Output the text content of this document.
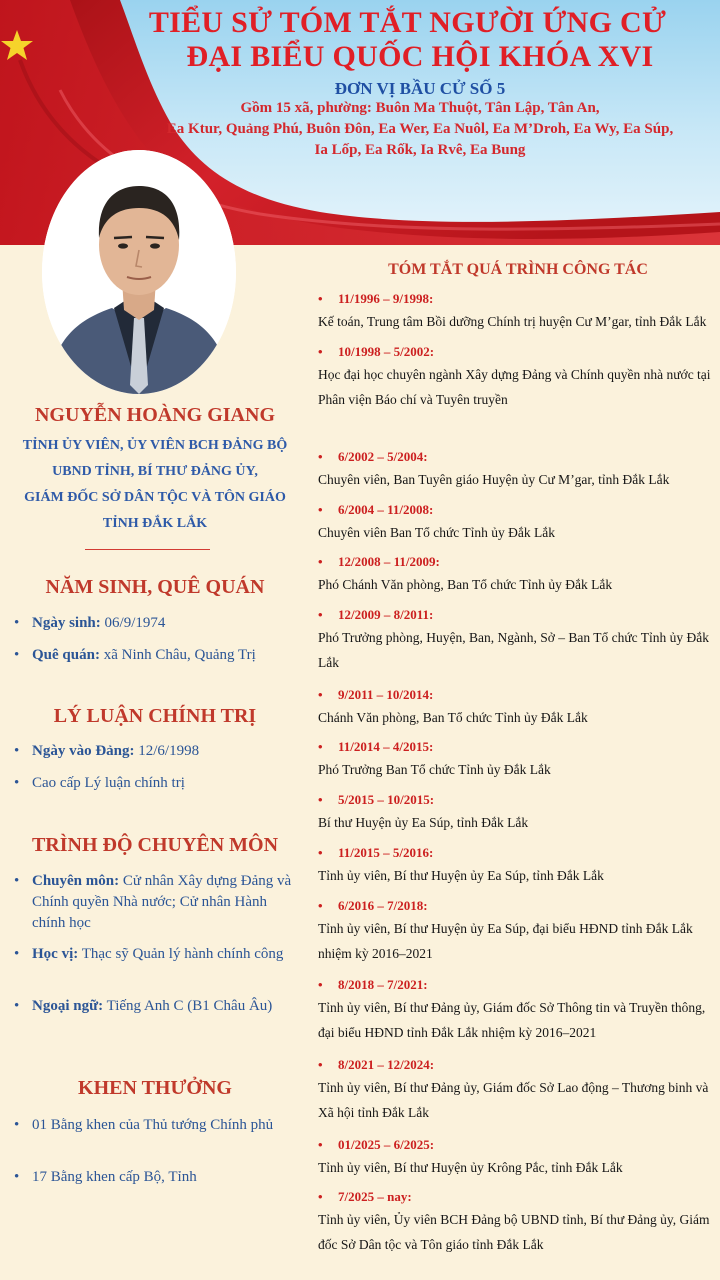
TIỂU SỬ TÓM TẮT NGƯỜI ỨNG CỬ
ĐẠI BIỂU QUỐC HỘI KHÓA XVI
ĐƠN VỊ BẦU CỬ SỐ 5
Gồm 15 xã, phường: Buôn Ma Thuột, Tân Lập, Tân An,
Ea Ktur, Quảng Phú, Buôn Đôn, Ea Wer, Ea Nuôl, Ea M’Droh, Ea Wy, Ea Súp,
Ia Lốp, Ea Rốk, Ia Rvê, Ea Bung
NGUYỄN HOÀNG GIANG
TỈNH ỦY VIÊN, ỦY VIÊN BCH ĐẢNG BỘ
UBND TỈNH, BÍ THƯ ĐẢNG ỦY,
GIÁM ĐỐC SỞ DÂN TỘC VÀ TÔN GIÁO
TỈNH ĐẮK LẮK
NĂM SINH, QUÊ QUÁN
• Ngày sinh: 06/9/1974
• Quê quán: xã Ninh Châu, Quảng Trị
LÝ LUẬN CHÍNH TRỊ
• Ngày vào Đảng: 12/6/1998
• Cao cấp Lý luận chính trị
TRÌNH ĐỘ CHUYÊN MÔN
• Chuyên môn: Cử nhân Xây dựng Đảng và Chính quyền Nhà nước; Cử nhân Hành chính học
• Học vị: Thạc sỹ Quản lý hành chính công
• Ngoại ngữ: Tiếng Anh C (B1 Châu Âu)
KHEN THƯỞNG
• 01 Bằng khen của Thủ tướng Chính phủ
• 17 Bằng khen cấp Bộ, Tỉnh
TÓM TẮT QUÁ TRÌNH CÔNG TÁC
• 11/1996 – 9/1998:
Kế toán, Trung tâm Bồi dưỡng Chính trị huyện Cư M’gar, tỉnh Đắk Lắk
• 10/1998 – 5/2002:
Học đại học chuyên ngành Xây dựng Đảng và Chính quyền nhà nước tại Phân viện Báo chí và Tuyên truyền
• 6/2002 – 5/2004:
Chuyên viên, Ban Tuyên giáo Huyện ủy Cư M’gar, tỉnh Đắk Lắk
• 6/2004 – 11/2008:
Chuyên viên Ban Tổ chức Tỉnh ủy Đắk Lắk
• 12/2008 – 11/2009:
Phó Chánh Văn phòng, Ban Tổ chức Tỉnh ủy Đắk Lắk
• 12/2009 – 8/2011:
Phó Trưởng phòng, Huyện, Ban, Ngành, Sở – Ban Tổ chức Tỉnh ủy Đắk Lắk
• 9/2011 – 10/2014:
Chánh Văn phòng, Ban Tổ chức Tỉnh ủy Đắk Lắk
• 11/2014 – 4/2015:
Phó Trưởng Ban Tổ chức Tỉnh ủy Đắk Lắk
• 5/2015 – 10/2015:
Bí thư Huyện ủy Ea Súp, tỉnh Đắk Lắk
• 11/2015 – 5/2016:
Tỉnh ủy viên, Bí thư Huyện ủy Ea Súp, tỉnh Đắk Lắk
• 6/2016 – 7/2018:
Tỉnh ủy viên, Bí thư Huyện ủy Ea Súp, đại biểu HĐND tỉnh Đắk Lắk nhiệm kỳ 2016–2021
• 8/2018 – 7/2021:
Tỉnh ủy viên, Bí thư Đảng ủy, Giám đốc Sở Thông tin và Truyền thông, đại biểu HĐND tỉnh Đắk Lắk nhiệm kỳ 2016–2021
• 8/2021 – 12/2024:
Tỉnh ủy viên, Bí thư Đảng ủy, Giám đốc Sở Lao động – Thương binh và Xã hội tỉnh Đắk Lắk
• 01/2025 – 6/2025:
Tỉnh ủy viên, Bí thư Huyện ủy Krông Pắc, tỉnh Đắk Lắk
• 7/2025 – nay:
Tỉnh ủy viên, Ủy viên BCH Đảng bộ UBND tỉnh, Bí thư Đảng ủy, Giám đốc Sở Dân tộc và Tôn giáo tỉnh Đắk Lắk
